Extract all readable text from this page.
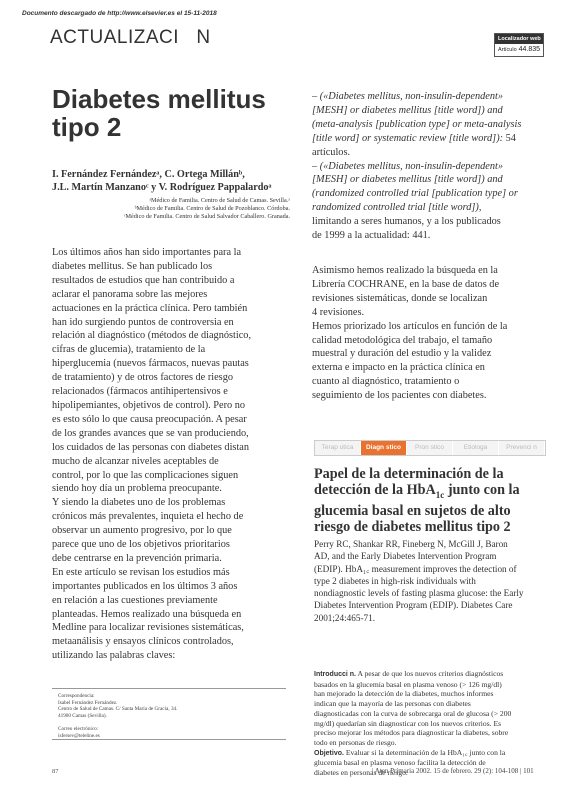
Documento descargado de http://www.elsevier.es el 15-11-2018
ACTUALIZACI   N	Localizador web
Artículo 44.835
Diabetes mellitus
tipo 2
I. Fernández Fernándezᵃ, C. Ortega Millánᵇ,
J.L. Martín Manzanoᶜ y V. Rodríguez Pappalardoᵃ
ᵃMédico de Familia. Centro de Salud de Camas. Sevilla.ᵃ
ᵇMédico de Familia. Centro de Salud de Pozoblanco. Córdoba.
ᶜMédico de Familia. Centro de Salud Salvador Caballero. Granada.

Los últimos años han sido importantes para la

diabetes mellitus. Se han publicado los

resultados de estudios que han contribuido a

aclarar el panorama sobre las mejores

actuaciones en la práctica clínica. Pero también

han ido surgiendo puntos de controversia en

relación al diagnóstico (métodos de diagnóstico,

cifras de glucemia), tratamiento de la

hiperglucemia (nuevos fármacos, nuevas pautas

de tratamiento) y de otros factores de riesgo

relacionados (fármacos antihipertensivos e

hipolipemiantes, objetivos de control). Pero no

es esto sólo lo que causa preocupación. A pesar

de los grandes avances que se van produciendo,

los cuidados de las personas con diabetes distan

mucho de alcanzar niveles aceptables de

control, por lo que las complicaciones siguen

siendo hoy día un problema preocupante.

Y siendo la diabetes uno de los problemas

crónicos más prevalentes, inquieta el hecho de

observar un aumento progresivo, por lo que

parece que uno de los objetivos prioritarios

debe centrarse en la prevención primaria.

En este artículo se revisan los estudios más

importantes publicados en los últimos 3 años

en relación a las cuestiones previamente

planteadas. Hemos realizado una búsqueda en

Medline para localizar revisiones sistemáticas,

metaanálisis y ensayos clínicos controlados,

utilizando las palabras claves:

Correspondencia:
Isabel Fernández Fernández.
Centro de Salud de Camas. C/ Santa María de Gracia, 34.
41900 Camas (Sevilla).

Correo electrónico:
isfersev@teleline.es

– («Diabetes mellitus, non-insulin-dependent»

[MESH] or diabetes mellitus [title word]) and

(meta-analysis [publication type] or meta-analysis

[title word] or systematic review [title word]): 54

artículos.

– («Diabetes mellitus, non-insulin-dependent»

[MESH] or diabetes mellitus [title word]) and

(randomized controlled trial [publication type] or

randomized controlled trial [title word]),

limitando a seres humanos, y a los publicados

de 1999 a la actualidad: 441.

Asimismo hemos realizado la búsqueda en la

Librería COCHRANE, en la base de datos de

revisiones sistemáticas, donde se localizan

4 revisiones.

Hemos priorizado los artículos en función de la

calidad metodológica del trabajo, el tamaño

muestral y duración del estudio y la validez

externa e impacto en la práctica clínica en

cuanto al diagnóstico, tratamiento o

seguimiento de los pacientes con diabetes.

Terap utica	Diagn stico	Pron stico	Etiologa	Prevenci n
Papel de la determinación de la
detección de la HbA$_{1c}$ junto con la
glucemia basal en sujetos de alto
riesgo de diabetes mellitus tipo 2
Perry RC, Shankar RR, Fineberg N, McGill J, Baron
AD, and the Early Diabetes Intervention Program
(EDIP). HbA₁꜀ measurement improves the detection of
type 2 diabetes in high-risk individuals with
nondiagnostic levels of fasting plasma glucose: the Early
Diabetes Intervention Program (EDIP). Diabetes Care
2001;24:465-71.
Introducci n. A pesar de que los nuevos criterios diagnósticos
basados en la glucemia basal en plasma venoso (> 126 mg/dl)
han mejorado la detección de la diabetes, muchos informes
indican que la mayoría de las personas con diabetes
diagnosticadas con la curva de sobrecarga oral de glucosa (> 200
mg/dl) quedarían sin diagnosticar con los nuevos criterios. Es
preciso mejorar los métodos para diagnosticar la diabetes, sobre
todo en personas de riesgo.
Objetivo. Evaluar si la determinación de la HbA₁꜀ junto con la
glucemia basal en plasma venoso facilita la detección de
diabetes en personas de riesgo.
87	| Aten Primaria 2002. 15 de febrero. 29 (2): 104-108 | 101
